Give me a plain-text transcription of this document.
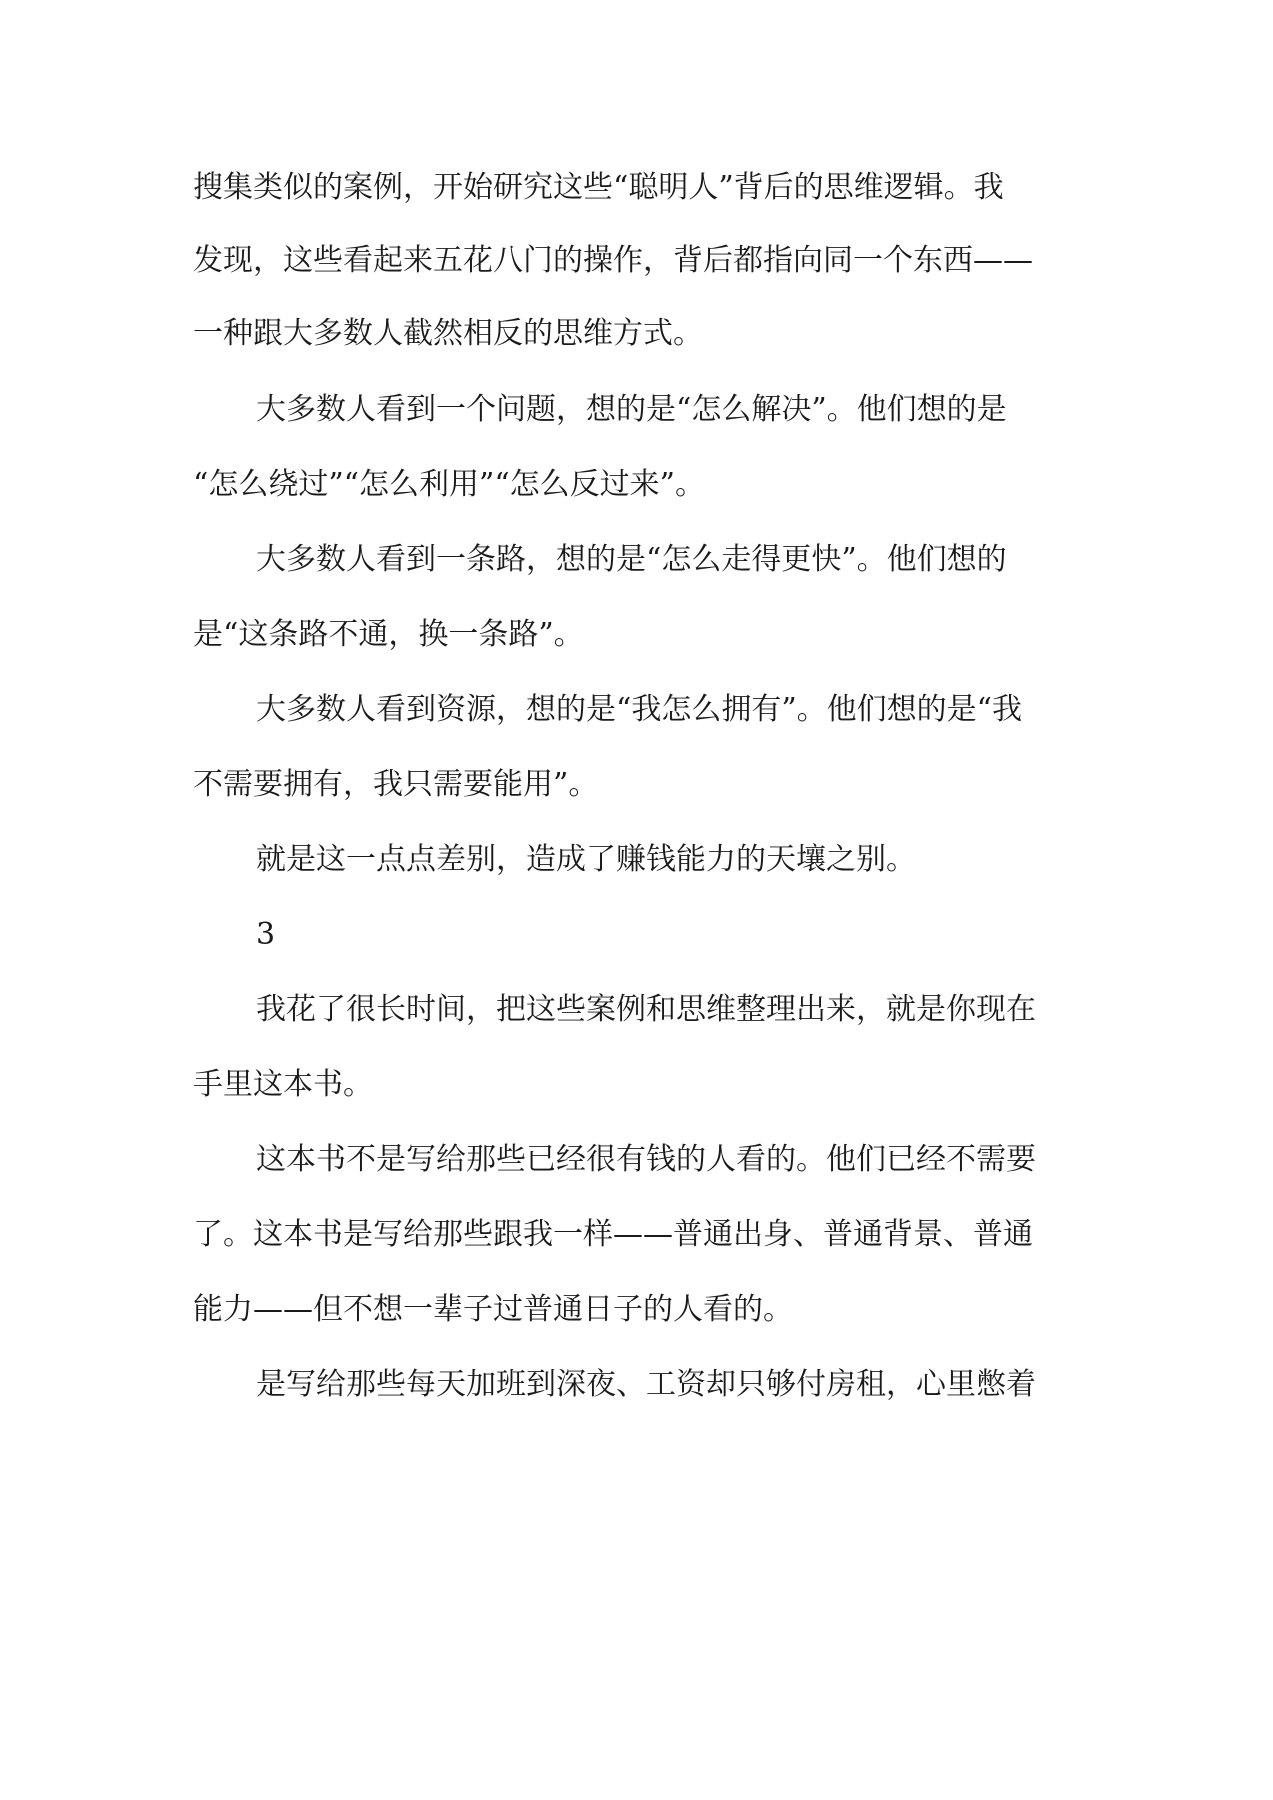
搜集类似的案例，开始研究这些“聪明人”背后的思维逻辑。我
发现，这些看起来五花八门的操作，背后都指向同一个东西——
一种跟大多数人截然相反的思维方式。
大多数人看到一个问题，想的是“怎么解决”。他们想的是
“怎么绕过”“怎么利用”“怎么反过来”。
大多数人看到一条路，想的是“怎么走得更快”。他们想的
是“这条路不通，换一条路”。
大多数人看到资源，想的是“我怎么拥有”。他们想的是“我
不需要拥有，我只需要能用”。
就是这一点点差别，造成了赚钱能力的天壤之别。
3
我花了很长时间，把这些案例和思维整理出来，就是你现在
手里这本书。
这本书不是写给那些已经很有钱的人看的。他们已经不需要
了。这本书是写给那些跟我一样——普通出身、普通背景、普通
能力——但不想一辈子过普通日子的人看的。
是写给那些每天加班到深夜、工资却只够付房租，心里憋着
